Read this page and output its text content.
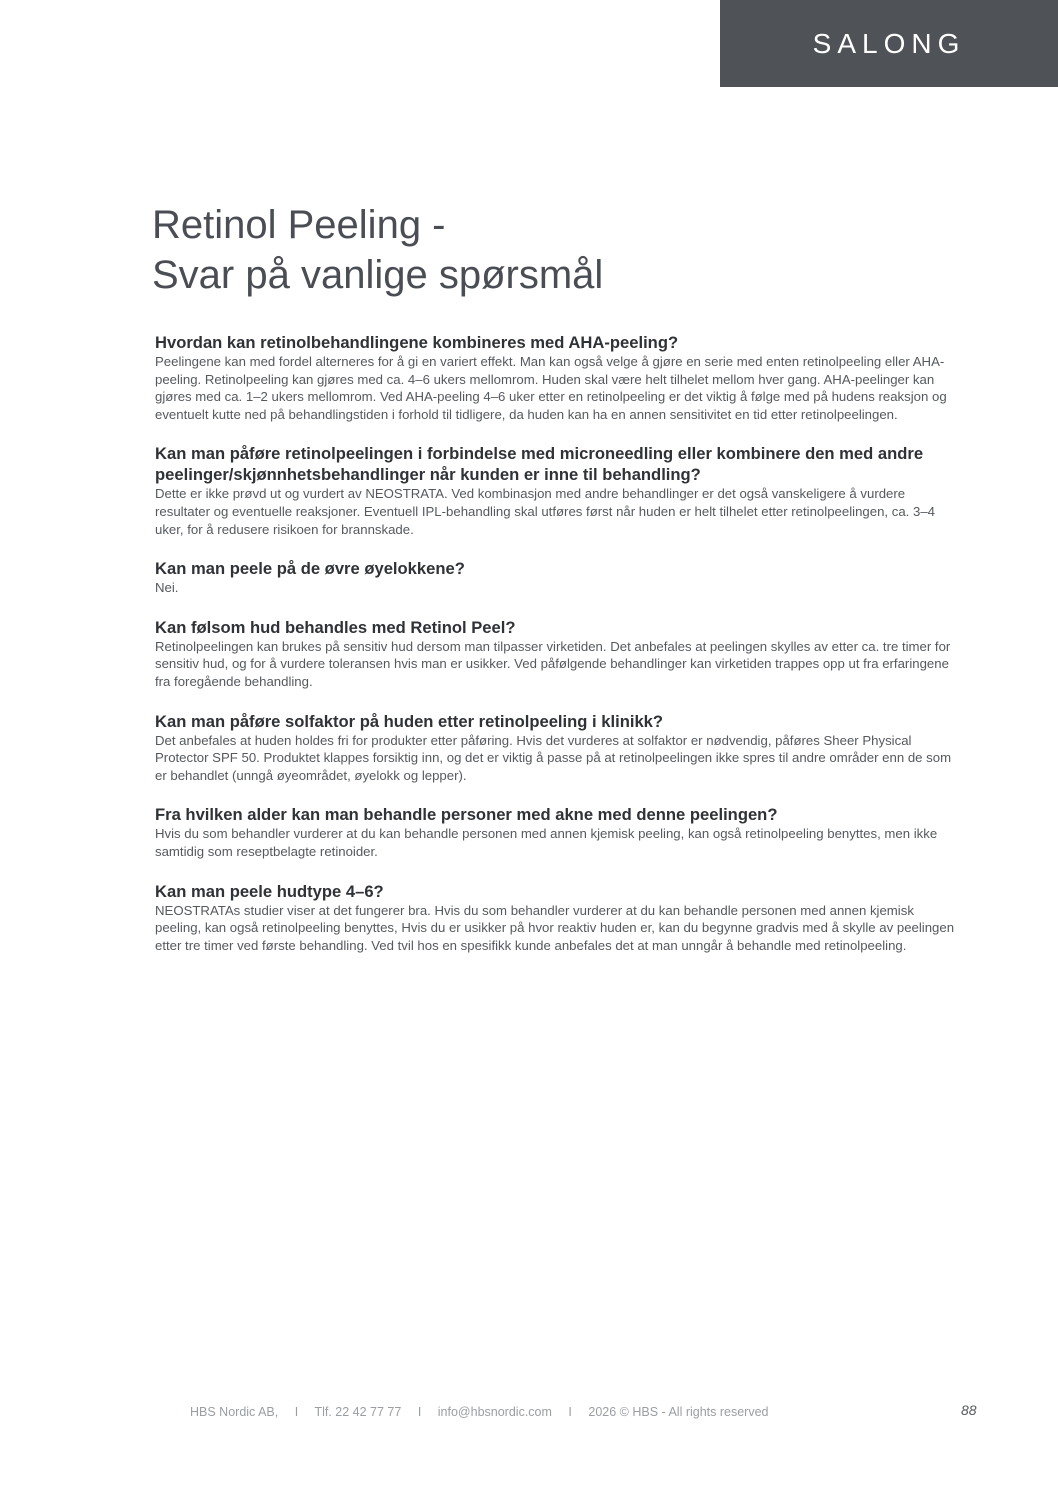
SALONG
Retinol Peeling -
Svar på vanlige spørsmål

Hvordan kan retinolbehandlingene kombineres med AHA-peeling?

Peelingene kan med fordel alterneres for å gi en variert effekt. Man kan også velge å gjøre en serie med enten retinolpeeling eller AHA-peeling. Retinolpeeling kan gjøres med ca. 4–6 ukers mellomrom. Huden skal være helt tilhelet mellom hver gang. AHA-peelinger kan gjøres med ca. 1–2 ukers mellomrom. Ved AHA-peeling 4–6 uker etter en retinolpeeling er det viktig å følge med på hudens reaksjon og eventuelt kutte ned på behandlingstiden i forhold til tidligere, da huden kan ha en annen sensitivitet en tid etter retinolpeelingen.

Kan man påføre retinolpeelingen i forbindelse med microneedling eller kombinere den med andre peelinger/skjønnhetsbehandlinger når kunden er inne til behandling?

Dette er ikke prøvd ut og vurdert av NEOSTRATA. Ved kombinasjon med andre behandlinger er det også vanskeligere å vurdere resultater og eventuelle reaksjoner. Eventuell IPL-behandling skal utføres først når huden er helt tilhelet etter retinolpeelingen, ca. 3–4 uker, for å redusere risikoen for brannskade.

Kan man peele på de øvre øyelokkene?

Nei.

Kan følsom hud behandles med Retinol Peel?

Retinolpeelingen kan brukes på sensitiv hud dersom man tilpasser virketiden. Det anbefales at peelingen skylles av etter ca. tre timer for sensitiv hud, og for å vurdere toleransen hvis man er usikker. Ved påfølgende behandlinger kan virketiden trappes opp ut fra erfaringene fra foregående behandling.

Kan man påføre solfaktor på huden etter retinolpeeling i klinikk?

Det anbefales at huden holdes fri for produkter etter påføring. Hvis det vurderes at solfaktor er nødvendig, påføres Sheer Physical Protector SPF 50. Produktet klappes forsiktig inn, og det er viktig å passe på at retinolpeelingen ikke spres til andre områder enn de som er behandlet (unngå øyeområdet, øyelokk og lepper).

Fra hvilken alder kan man behandle personer med akne med denne peelingen?

Hvis du som behandler vurderer at du kan behandle personen med annen kjemisk peeling, kan også retinolpeeling benyttes, men ikke samtidig som reseptbelagte retinoider.

Kan man peele hudtype 4–6?

NEOSTRATAs studier viser at det fungerer bra. Hvis du som behandler vurderer at du kan behandle personen med annen kjemisk peeling, kan også retinolpeeling benyttes, Hvis du er usikker på hvor reaktiv huden er, kan du begynne gradvis med å skylle av peelingen etter tre timer ved første behandling. Ved tvil hos en spesifikk kunde anbefales det at man unngår å behandle med retinolpeeling.

HBS Nordic AB, I Tlf. 22 42 77 77 I info@hbsnordic.com I 2026 © HBS - All rights reserved	88
